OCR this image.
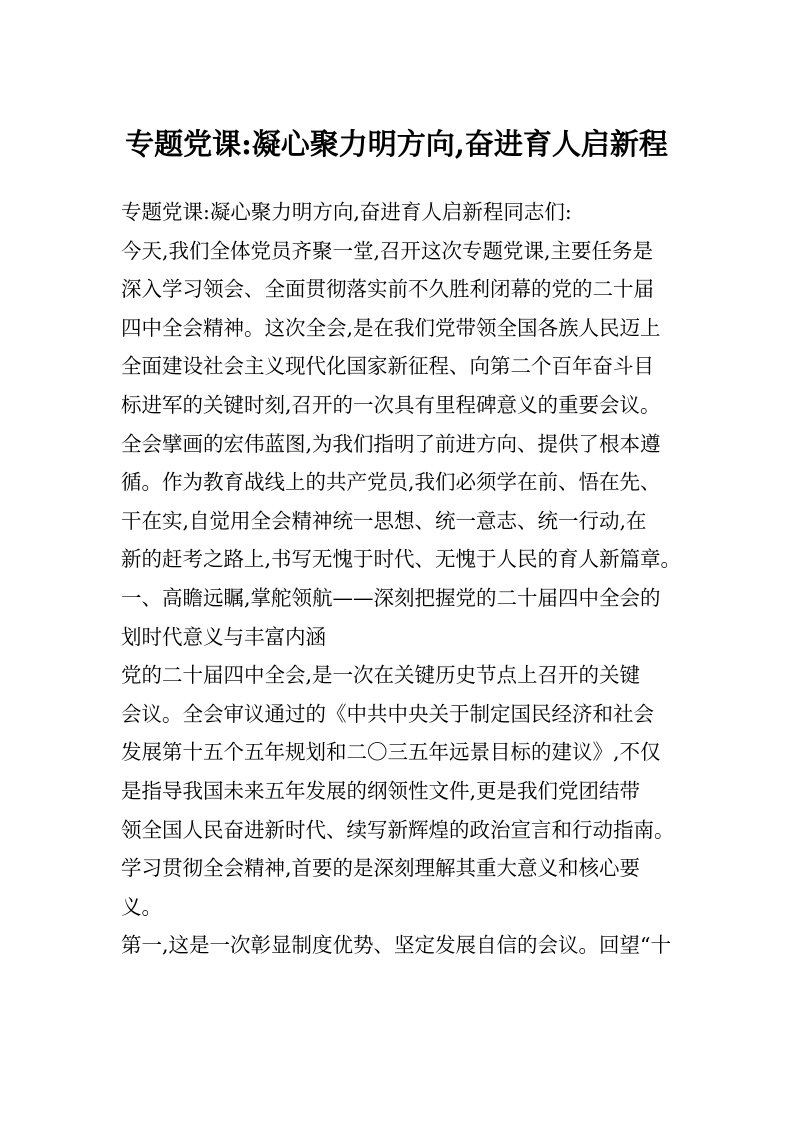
专题党课:凝心聚力明方向,奋进育人启新程
专题党课:凝心聚力明方向,奋进育人启新程同志们:
今天,我们全体党员齐聚一堂,召开这次专题党课,主要任务是
深入学习领会、全面贯彻落实前不久胜利闭幕的党的二十届
四中全会精神。这次全会,是在我们党带领全国各族人民迈上
全面建设社会主义现代化国家新征程、向第二个百年奋斗目
标进军的关键时刻,召开的一次具有里程碑意义的重要会议。
全会擘画的宏伟蓝图,为我们指明了前进方向、提供了根本遵
循。作为教育战线上的共产党员,我们必须学在前、悟在先、
干在实,自觉用全会精神统一思想、统一意志、统一行动,在
新的赶考之路上,书写无愧于时代、无愧于人民的育人新篇章。
一、高瞻远瞩,掌舵领航——深刻把握党的二十届四中全会的
划时代意义与丰富内涵
党的二十届四中全会,是一次在关键历史节点上召开的关键
会议。全会审议通过的《中共中央关于制定国民经济和社会
发展第十五个五年规划和二〇三五年远景目标的建议》,不仅
是指导我国未来五年发展的纲领性文件,更是我们党团结带
领全国人民奋进新时代、续写新辉煌的政治宣言和行动指南。
学习贯彻全会精神,首要的是深刻理解其重大意义和核心要
义。
第一,这是一次彰显制度优势、坚定发展自信的会议。回望“十
